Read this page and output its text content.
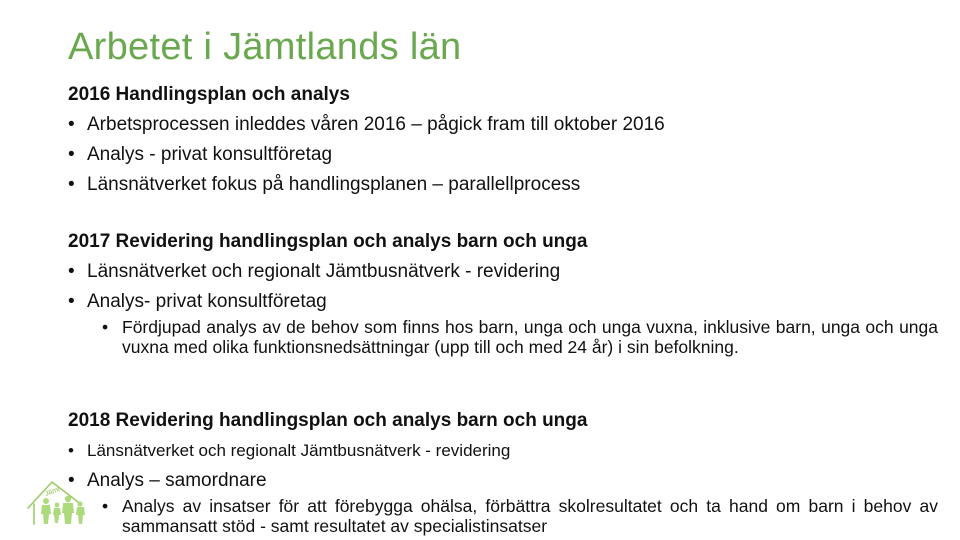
Arbetet i Jämtlands län
2016 Handlingsplan och analys
• Arbetsprocessen inleddes våren 2016 – pågick fram till oktober 2016
• Analys - privat konsultföretag
• Länsnätverket fokus på handlingsplanen – parallellprocess
2017 Revidering handlingsplan och analys barn och unga
• Länsnätverket och regionalt Jämtbusnätverk - revidering
• Analys- privat konsultföretag
• Fördjupad analys av de behov som finns hos barn, unga och unga vuxna, inklusive barn, unga och unga vuxna med olika funktionsnedsättningar (upp till och med 24 år) i sin befolkning.
2018 Revidering handlingsplan och analys barn och unga
• Länsnätverket och regionalt Jämtbusnätverk - revidering
• Analys – samordnare
• Analys av insatser för att förebygga ohälsa, förbättra skolresultatet och ta hand om barn i behov av sammansatt stöd - samt resultatet av specialistinsatser
Jämt
